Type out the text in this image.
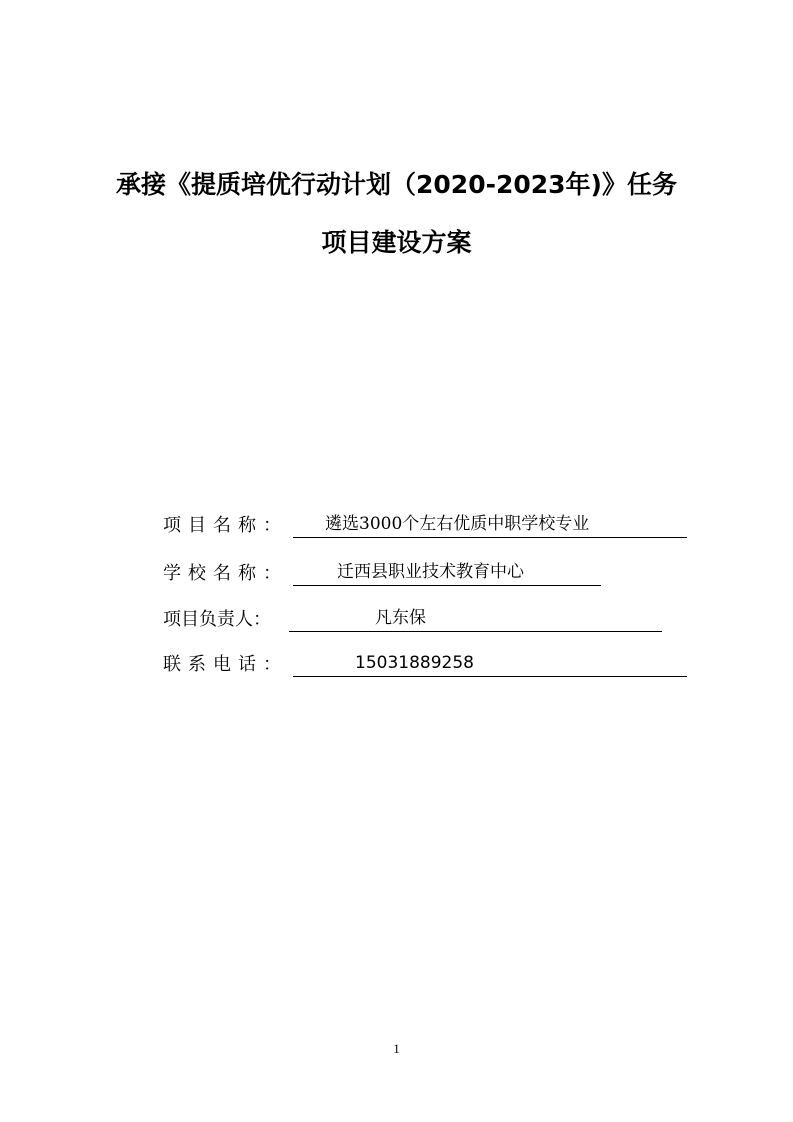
承接《提质培优行动计划（2020-2023年)》任务
项目建设方案
项目名称： 遴选3000个左右优质中职学校专业
学校名称：	迁西县职业技术教育中心
项目负责人：	凡东保
联系电话：	15031889258
1
